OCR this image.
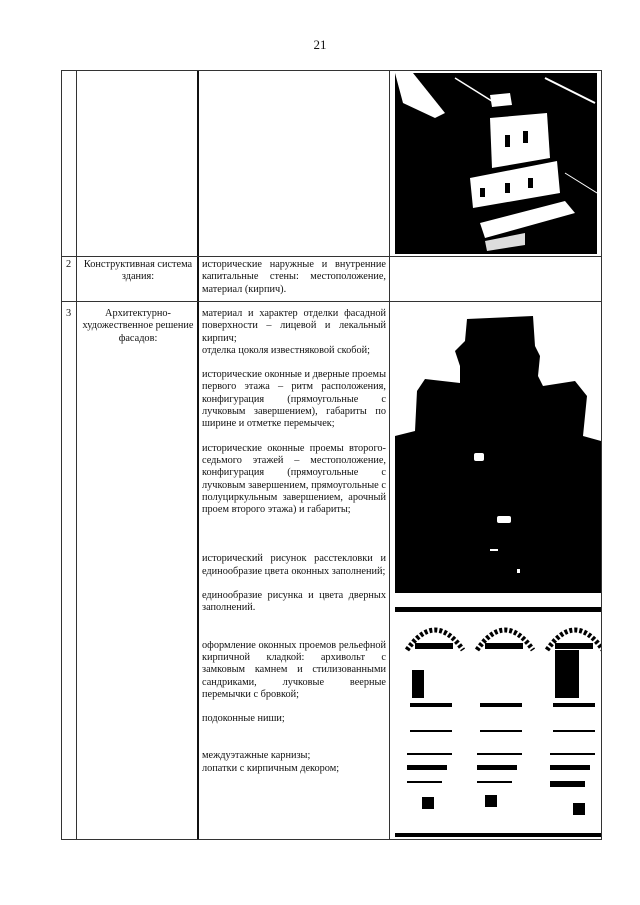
21
2	Конструктивная система здания:

исторические наружные и внутренние капитальные стены: местоположение, материал (кирпич).

3	Архитектурно-художественное решение фасадов:

материал и характер отделки фасадной поверхности – лицевой и лекальный кирпич;

отделка цоколя известняковой скобой;

исторические оконные и дверные проемы первого этажа – ритм расположения, конфигурация (прямоугольные с лучковым завершением), габариты по ширине и отметке перемычек;

исторические оконные проемы второго-седьмого этажей – местоположение, конфигурация (прямоугольные с лучковым завершением, прямоугольные с полуциркульным завершением, арочный проем второго этажа) и габариты;

исторический рисунок расстекловки и единообразие цвета оконных заполнений;

единообразие рисунка и цвета дверных заполнений.

оформление оконных проемов рельефной кирпичной кладкой: архивольт с замковым камнем и стилизованными сандриками, лучковые веерные перемычки с бровкой;

подоконные ниши;

междуэтажные карнизы;

лопатки с кирпичным декором;
